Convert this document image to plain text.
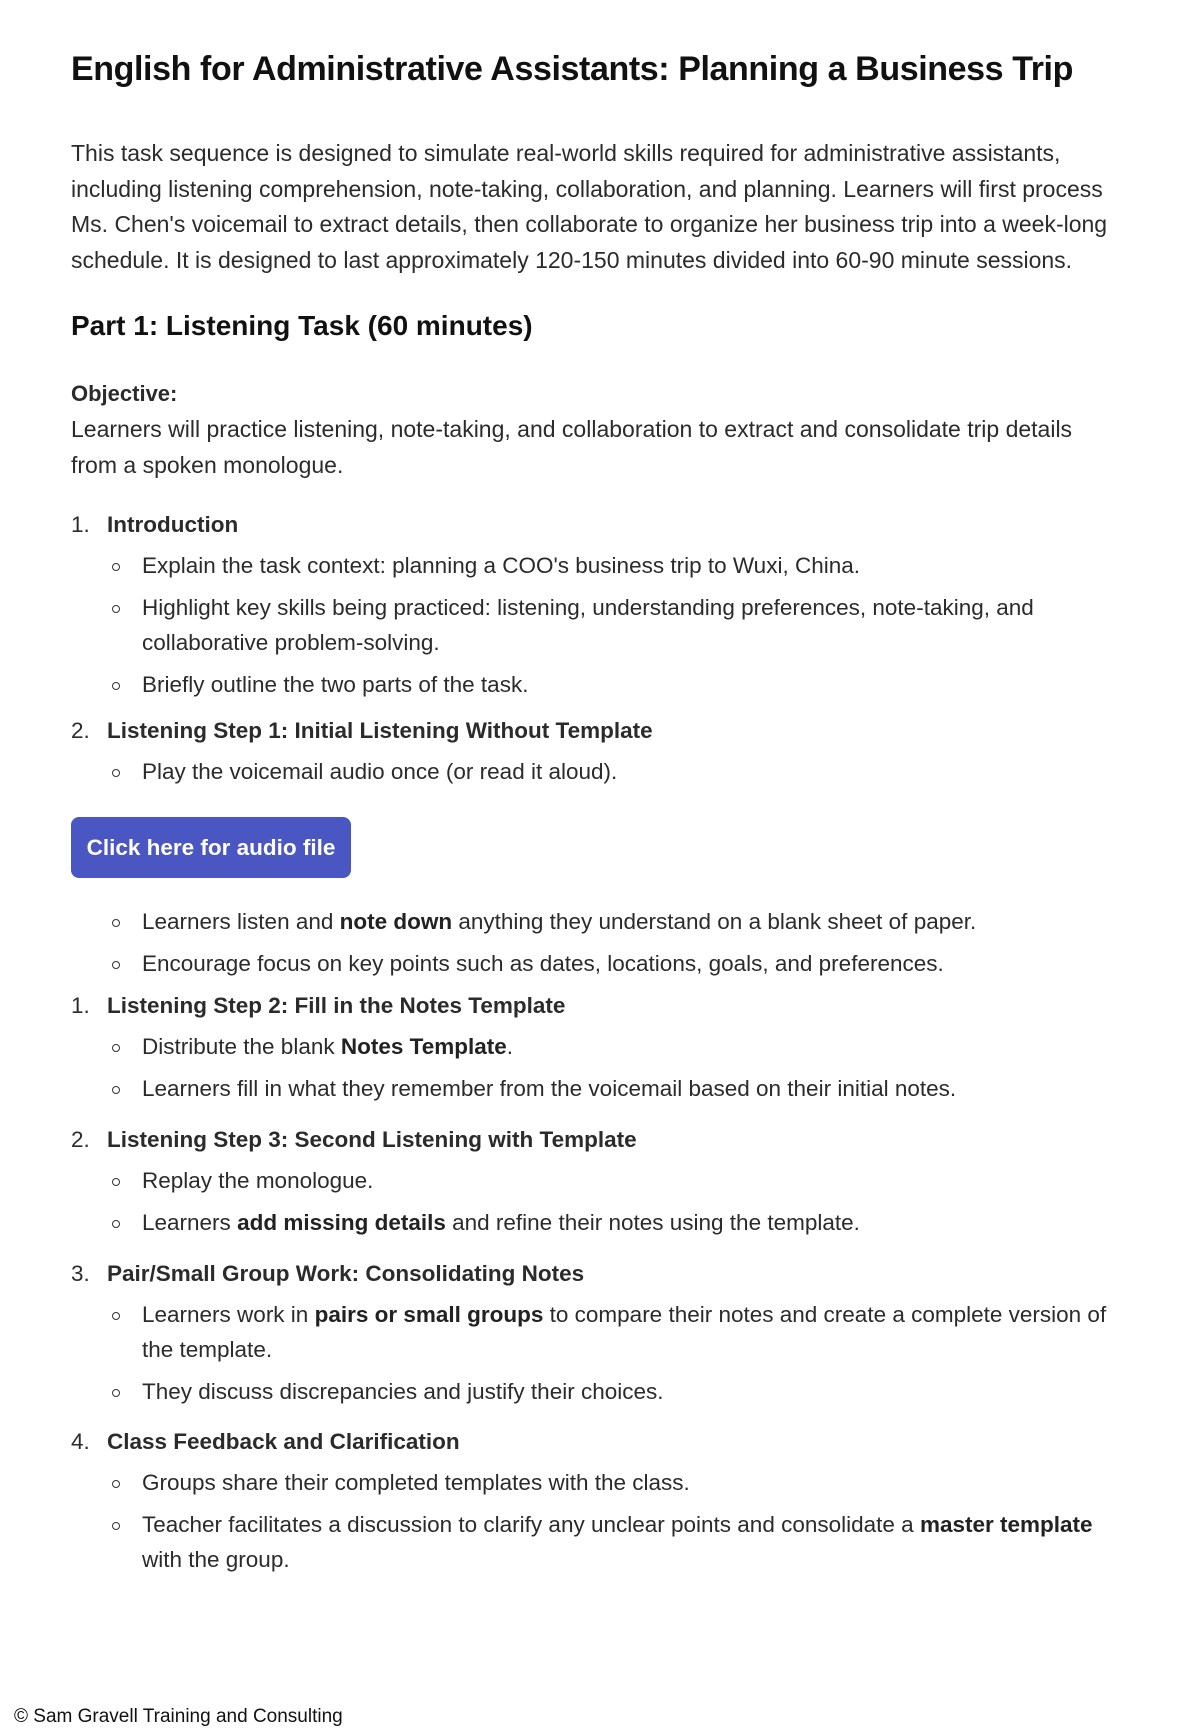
English for Administrative Assistants: Planning a Business Trip

This task sequence is designed to simulate real-world skills required for administrative assistants, including listening comprehension, note-taking, collaboration, and planning. Learners will first process Ms. Chen's voicemail to extract details, then collaborate to organize her business trip into a week-long schedule. It is designed to last approximately 120-150 minutes divided into 60-90 minute sessions.

Part 1: Listening Task (60 minutes)
Objective:

Learners will practice listening, note-taking, and collaboration to extract and consolidate trip details from a spoken monologue.

1. Introduction
Explain the task context: planning a COO's business trip to Wuxi, China.
Highlight key skills being practiced: listening, understanding preferences, note-taking, and collaborative problem-solving.
Briefly outline the two parts of the task.
2. Listening Step 1: Initial Listening Without Template
Play the voicemail audio once (or read it aloud).
Click here for audio file
Learners listen and note down anything they understand on a blank sheet of paper.
Encourage focus on key points such as dates, locations, goals, and preferences.
1. Listening Step 2: Fill in the Notes Template
Distribute the blank Notes Template.
Learners fill in what they remember from the voicemail based on their initial notes.
2. Listening Step 3: Second Listening with Template
Replay the monologue.
Learners add missing details and refine their notes using the template.
3. Pair/Small Group Work: Consolidating Notes
Learners work in pairs or small groups to compare their notes and create a complete version of the template.
They discuss discrepancies and justify their choices.
4. Class Feedback and Clarification
Groups share their completed templates with the class.
Teacher facilitates a discussion to clarify any unclear points and consolidate a master template with the group.
© Sam Gravell Training and Consulting
